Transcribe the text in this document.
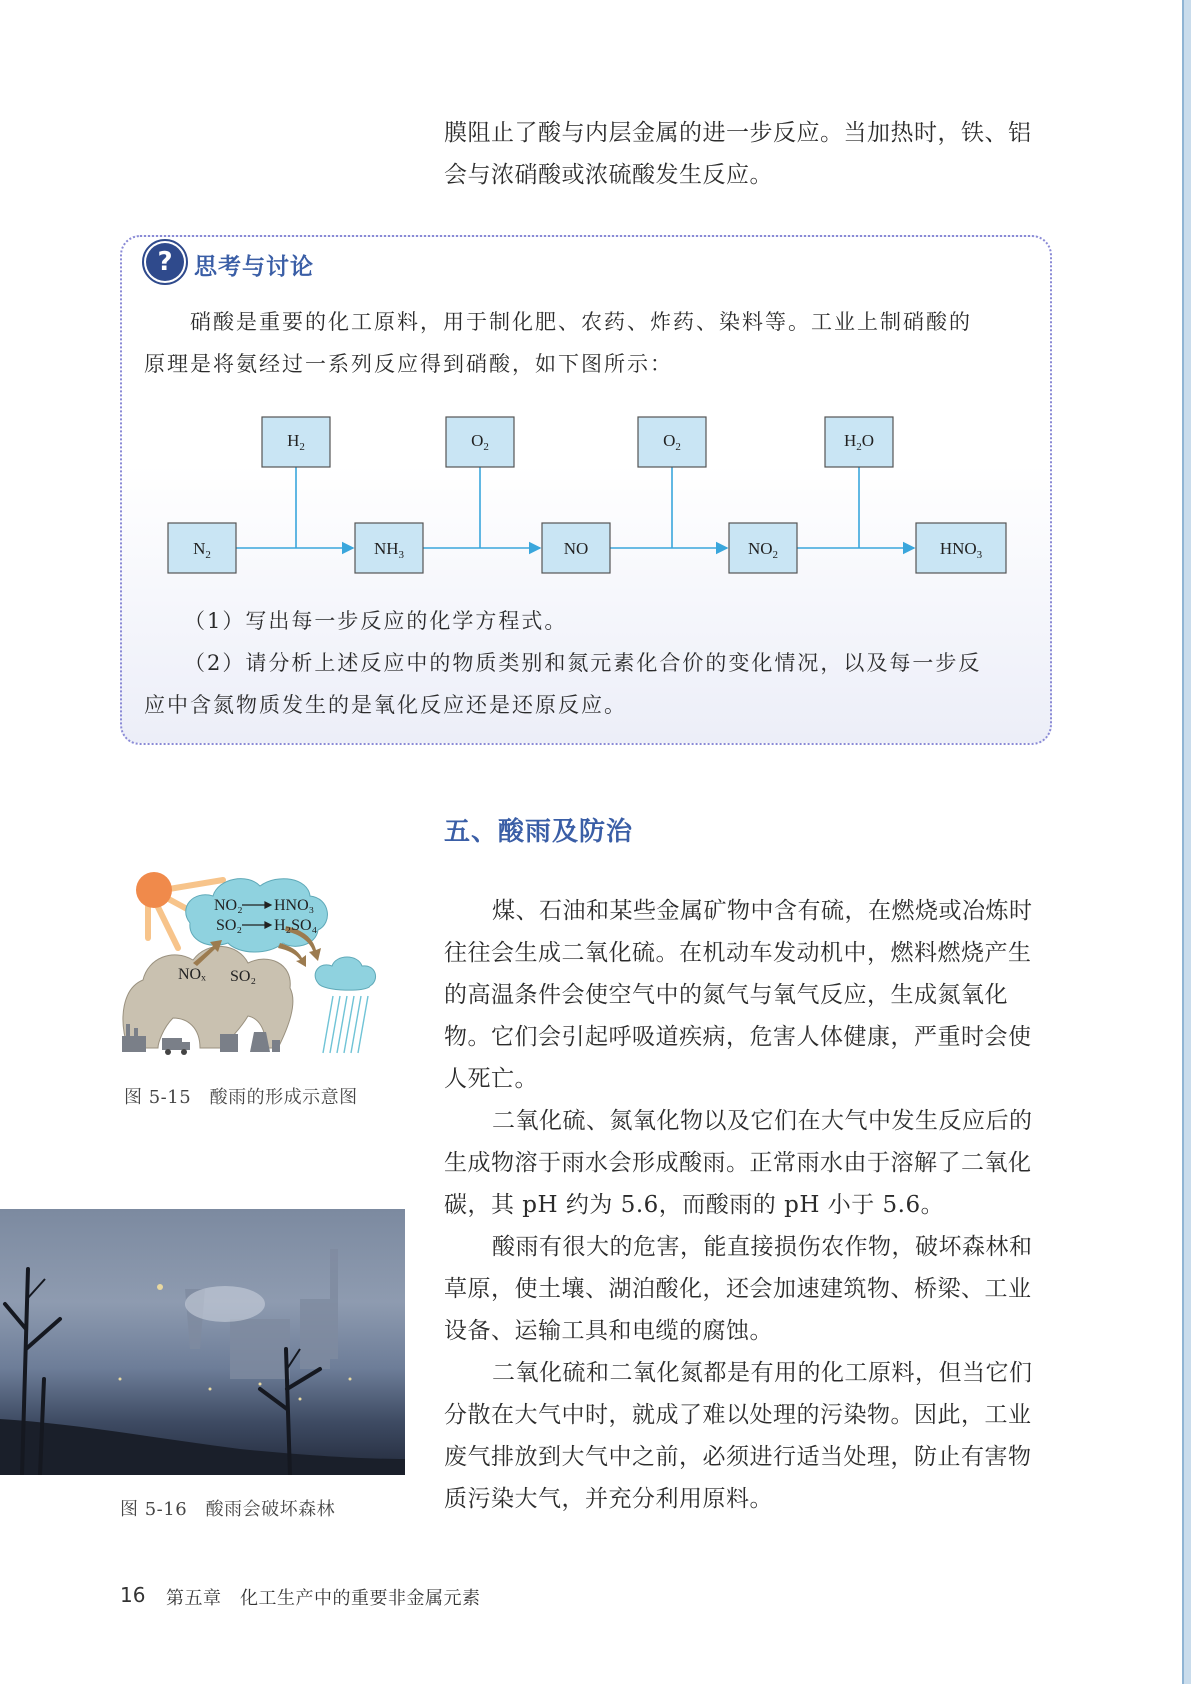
膜阻止了酸与内层金属的进一步反应。当加热时，铁、铝
会与浓硝酸或浓硫酸发生反应。

? 思考与讨论
硝酸是重要的化工原料，用于制化肥、农药、炸药、染料等。工业上制硝酸的
原理是将氨经过一系列反应得到硝酸，如下图所示：
$N_2$	$NH_3$	NO	$NO_2$	$HNO_3$
$H_2$	$O_2$	$O_2$	$H_2O$
（1）写出每一步反应的化学方程式。
（2）请分析上述反应中的物质类别和氮元素化合价的变化情况，以及每一步反
应中含氮物质发生的是氧化反应还是还原反应。
五、酸雨及防治
煤、石油和某些金属矿物中含有硫，在燃烧或冶炼时
往往会生成二氧化硫。在机动车发动机中，燃料燃烧产生
的高温条件会使空气中的氮气与氧气反应，生成氮氧化
物。它们会引起呼吸道疾病，危害人体健康，严重时会使
人死亡。
二氧化硫、氮氧化物以及它们在大气中发生反应后的
生成物溶于雨水会形成酸雨。正常雨水由于溶解了二氧化
碳，其 pH 约为 5.6，而酸雨的 pH 小于 5.6。
酸雨有很大的危害，能直接损伤农作物，破坏森林和
草原，使土壤、湖泊酸化，还会加速建筑物、桥梁、工业
设备、运输工具和电缆的腐蚀。
二氧化硫和二氧化氮都是有用的化工原料，但当它们
分散在大气中时，就成了难以处理的污染物。因此，工业
废气排放到大气中之前，必须进行适当处理，防止有害物
质污染大气，并充分利用原料。

NO₂ HNO₃
SO₂ H₂SO₄
NOₓ SO₂
图 5-15　酸雨的形成示意图
图 5-16　酸雨会破坏森林
16 第五章　化工生产中的重要非金属元素
